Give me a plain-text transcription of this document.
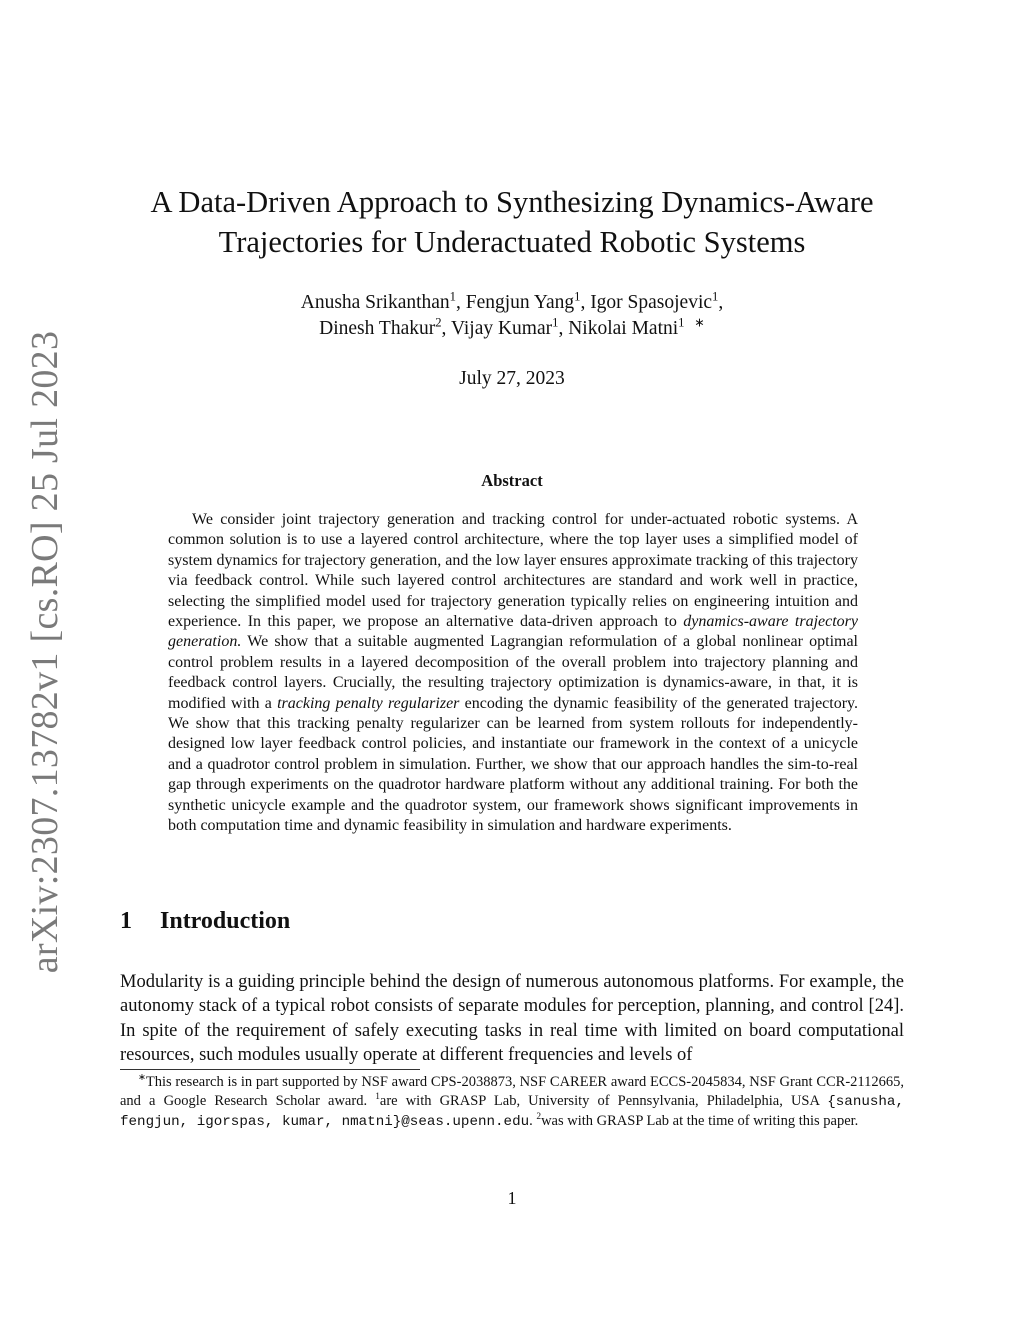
arXiv:2307.13782v1 [cs.RO] 25 Jul 2023
A Data-Driven Approach to Synthesizing Dynamics-Aware
Trajectories for Underactuated Robotic Systems
Anusha Srikanthan$^1$, Fengjun Yang$^1$, Igor Spasojevic$^1$,
Dinesh Thakur$^2$, Vijay Kumar$^1$, Nikolai Matni$^1$ ∗
July 27, 2023
Abstract
We consider joint trajectory generation and tracking control for under-actuated robotic systems. A common solution is to use a layered control architecture, where the top layer uses a simplified model of system dynamics for trajectory generation, and the low layer ensures approximate tracking of this trajectory via feedback control. While such layered control architectures are standard and work well in practice, selecting the simplified model used for trajectory generation typically relies on engineering intuition and experience. In this paper, we propose an alternative data-driven approach to dynamics-aware trajectory generation. We show that a suitable augmented Lagrangian reformulation of a global nonlinear optimal control problem results in a layered decomposition of the overall problem into trajectory planning and feedback control layers. Crucially, the resulting trajectory optimization is dynamics-aware, in that, it is modified with a tracking penalty regularizer encoding the dynamic feasibility of the generated trajectory. We show that this tracking penalty regularizer can be learned from system rollouts for independently-designed low layer feedback control policies, and instantiate our framework in the context of a unicycle and a quadrotor control problem in simulation. Further, we show that our approach handles the sim-to-real gap through experiments on the quadrotor hardware platform without any additional training. For both the synthetic unicycle example and the quadrotor system, our framework shows significant improvements in both computation time and dynamic feasibility in simulation and hardware experiments.
1 Introduction
Modularity is a guiding principle behind the design of numerous autonomous platforms. For example, the autonomy stack of a typical robot consists of separate modules for perception, planning, and control [24]. In spite of the requirement of safely executing tasks in real time with limited on board computational resources, such modules usually operate at different frequencies and levels of
∗This research is in part supported by NSF award CPS-2038873, NSF CAREER award ECCS-2045834, NSF Grant CCR-2112665, and a Google Research Scholar award. $^1$are with GRASP Lab, University of Pennsylvania, Philadelphia, USA {sanusha, fengjun, igorspas, kumar, nmatni}@seas.upenn.edu. $^2$was with GRASP Lab at the time of writing this paper.
1
